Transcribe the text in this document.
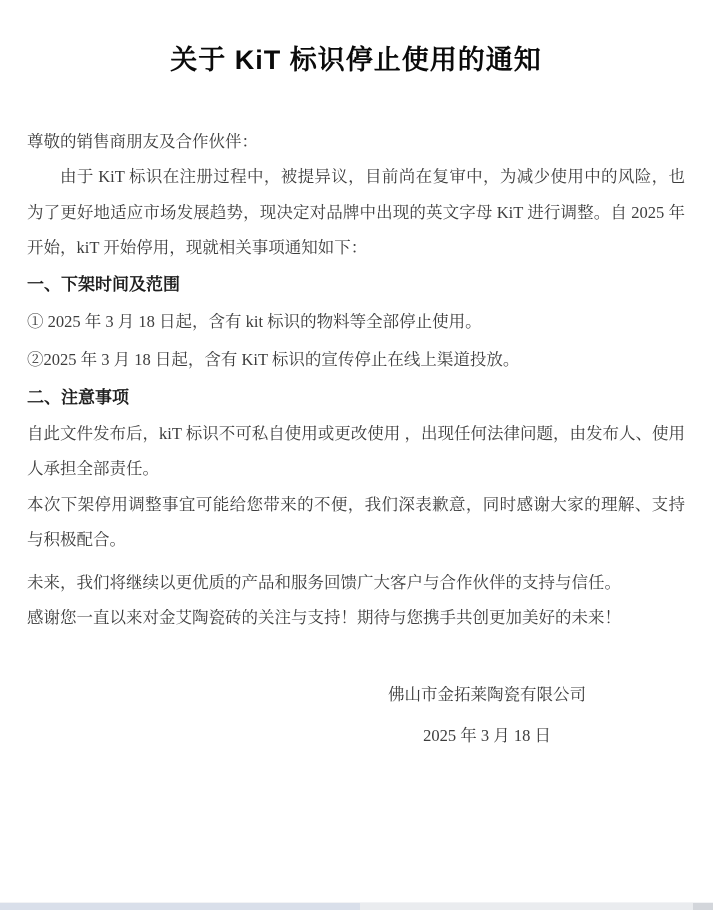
关于 KiT 标识停止使用的通知
尊敬的销售商朋友及合作伙伴：

由于 KiT 标识在注册过程中，被提异议，目前尚在复审中，为减少使用中的风险，也为了更好地适应市场发展趋势，现决定对品牌中出现的英文字母 KiT 进行调整。自 2025 年开始，kiT 开始停用，现就相关事项通知如下：

一、下架时间及范围

① 2025 年 3 月 18 日起，含有 kit 标识的物料等全部停止使用。

②2025 年 3 月 18 日起，含有 KiT 标识的宣传停止在线上渠道投放。

二、注意事项

自此文件发布后，kiT 标识不可私自使用或更改使用 ，出现任何法律问题，由发布人、使用人承担全部责任。

本次下架停用调整事宜可能给您带来的不便，我们深表歉意，同时感谢大家的理解、支持与积极配合。

未来，我们将继续以更优质的产品和服务回馈广大客户与合作伙伴的支持与信任。

感谢您一直以来对金艾陶瓷砖的关注与支持！期待与您携手共创更加美好的未来！

佛山市金拓莱陶瓷有限公司
2025 年 3 月 18 日
